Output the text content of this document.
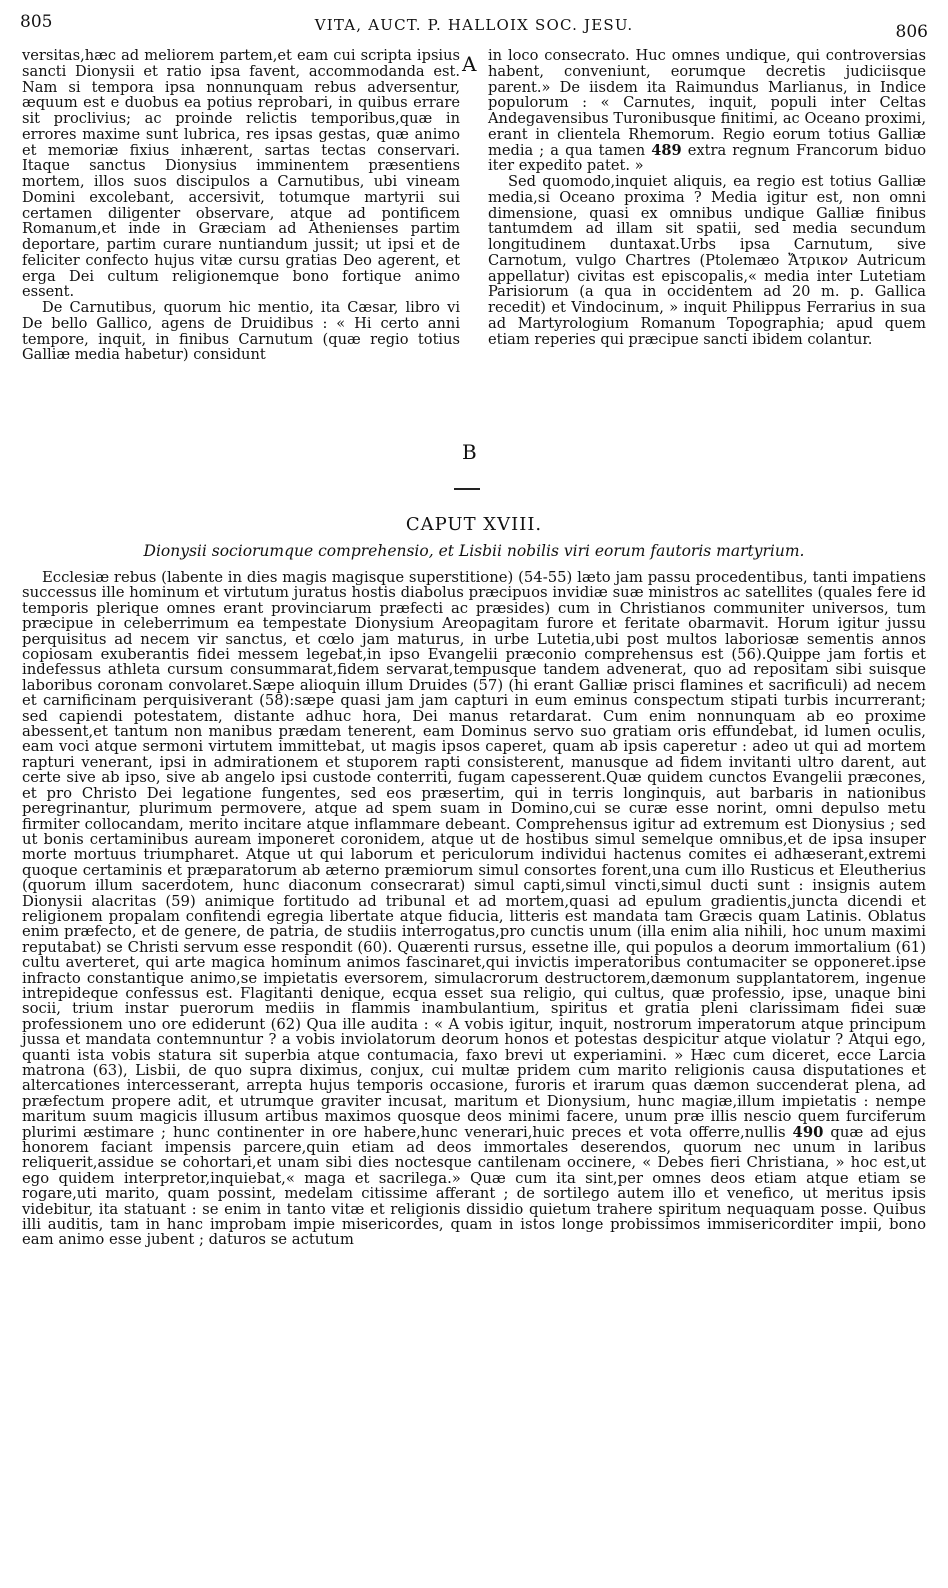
805	VITA, AUCT. P. HALLOIX SOC. JESU.	806

versitas,hæc ad meliorem partem,et eam cui scripta ipsius sancti Dionysii et ratio ipsa favent, accommodanda est. Nam si tempora ipsa nonnunquam rebus adversentur, æquum est e duobus ea potius reprobari, in quibus errare sit proclivius; ac proinde relictis temporibus,quæ in errores maxime sunt lubrica, res ipsas gestas, quæ animo et memoriæ fixius inhærent, sartas tectas conservari. Itaque sanctus Dionysius imminentem præsentiens mortem, illos suos discipulos a Carnutibus, ubi vineam Domini excolebant, accersivit, totumque martyrii sui certamen diligenter observare, atque ad pontificem Romanum,et inde in Græciam ad Athenienses partim deportare, partim curare nuntiandum jussit; ut ipsi et de feliciter confecto hujus vitæ cursu gratias Deo agerent, et erga Dei cultum religionemque bono fortique animo essent.

De Carnutibus, quorum hic mentio, ita Cæsar, libro vi De bello Gallico, agens de Druidibus : « Hi certo anni tempore, inquit, in finibus Carnutum (quæ regio totius Galliæ media habetur) considunt

A
B

in loco consecrato. Huc omnes undique, qui controversias habent, conveniunt, eorumque decretis judiciisque parent.» De iisdem ita Raimundus Marlianus, in Indice populorum : « Carnutes, inquit, populi inter Celtas Andegavensibus Turonibusque finitimi, ac Oceano proximi, erant in clientela Rhemorum. Regio eorum totius Galliæ media ; a qua tamen 489 extra regnum Francorum biduo iter expedito patet. »

Sed quomodo,inquiet aliquis, ea regio est totius Galliæ media,si Oceano proxima ? Media igitur est, non omni dimensione, quasi ex omnibus undique Galliæ finibus tantumdem ad illam sit spatii, sed media secundum longitudinem duntaxat.Urbs ipsa Carnutum, sive Carnotum, vulgo Chartres (Ptolemæo Ἄτρικον Autricum appellatur) civitas est episcopalis,« media inter Lutetiam Parisiorum (a qua in occidentem ad 20 m. p. Gallica recedit) et Vindocinum, » inquit Philippus Ferrarius in sua ad Martyrologium Romanum Topographia; apud quem etiam reperies qui præcipue sancti ibidem colantur.

CAPUT XVIII.
Dionysii sociorumque comprehensio, et Lisbii nobilis viri eorum fautoris martyrium.

Ecclesiæ rebus (labente in dies magis magisque superstitione) (54-55) læto jam passu procedentibus, tanti impatiens successus ille hominum et virtutum juratus hostis diabolus præcipuos invidiæ suæ ministros ac satellites (quales fere id temporis plerique omnes erant provinciarum præfecti ac præsides) cum in Christianos communiter universos, tum præcipue in celeberrimum ea tempestate Dionysium Areopagitam furore et feritate obarmavit. Horum igitur jussu perquisitus ad necem vir sanctus, et cœlo jam maturus, in urbe Lutetia,ubi post multos laboriosæ sementis annos copiosam exuberantis fidei messem legebat,in ipso Evangelii præconio comprehensus est (56).Quippe jam fortis et indefessus athleta cursum consummarat,fidem servarat,tempusque tandem advenerat, quo ad repositam sibi suisque laboribus coronam convolaret.Sæpe alioquin illum Druides (57) (hi erant Galliæ prisci flamines et sacrificuli) ad necem et carnificinam perquisiverant (58):sæpe quasi jam jam capturi in eum eminus conspectum stipati turbis incurrerant; sed capiendi potestatem, distante adhuc hora, Dei manus retardarat. Cum enim nonnunquam ab eo proxime abessent,et tantum non manibus prædam tenerent, eam Dominus servo suo gratiam oris effundebat, id lumen oculis, eam voci atque sermoni virtutem immittebat, ut magis ipsos caperet, quam ab ipsis caperetur : adeo ut qui ad mortem rapturi venerant, ipsi in admirationem et stuporem rapti consisterent, manusque ad fidem invitanti ultro darent, aut certe sive ab ipso, sive ab angelo ipsi custode conterriti, fugam capesserent.Quæ quidem cunctos Evangelii præcones, et pro Christo Dei legatione fungentes, sed eos præsertim, qui in terris longinquis, aut barbaris in nationibus peregrinantur, plurimum permovere, atque ad spem suam in Domino,cui se curæ esse norint, omni depulso metu firmiter collocandam, merito incitare atque inflammare debeant. Comprehensus igitur ad extremum est Dionysius ; sed ut bonis certaminibus auream imponeret coronidem, atque ut de hostibus simul semelque omnibus,et de ipsa insuper morte mortuus triumpharet. Atque ut qui laborum et periculorum individui hactenus comites ei adhæserant,extremi quoque certaminis et præparatorum ab æterno præmiorum simul consortes forent,una cum illo Rusticus et Eleutherius (quorum illum sacerdotem, hunc diaconum consecrarat) simul capti,simul vincti,simul ducti sunt : insignis autem Dionysii alacritas (59) animique fortitudo ad tribunal et ad mortem,quasi ad epulum gradientis,juncta dicendi et religionem propalam confitendi egregia libertate atque fiducia, litteris est mandata tam Græcis quam Latinis. Oblatus enim præfecto, et de genere, de patria, de studiis interrogatus,pro cunctis unum (illa enim alia nihili, hoc unum maximi reputabat) se Christi servum esse respondit (60). Quærenti rursus, essetne ille, qui populos a deorum immortalium (61) cultu averteret, qui arte magica hominum animos fascinaret,qui invictis imperatoribus contumaciter se opponeret.ipse infracto constantique animo,se impietatis eversorem, simulacrorum destructorem,dæmonum supplantatorem, ingenue intrepideque confessus est. Flagitanti denique, ecqua esset sua religio, qui cultus, quæ professio, ipse, unaque bini socii, trium instar puerorum mediis in flammis inambulantium, spiritus et gratia pleni clarissimam fidei suæ professionem uno ore ediderunt (62) Qua ille audita : « A vobis igitur, inquit, nostrorum imperatorum atque principum jussa et mandata contemnuntur ? a vobis inviolatorum deorum honos et potestas despicitur atque violatur ? Atqui ego, quanti ista vobis statura sit superbia atque contumacia, faxo brevi ut experiamini. » Hæc cum diceret, ecce Larcia matrona (63), Lisbii, de quo supra diximus, conjux, cui multæ pridem cum marito religionis causa disputationes et altercationes intercesserant, arrepta hujus temporis occasione, furoris et irarum quas dæmon succenderat plena, ad præfectum propere adit, et utrumque graviter incusat, maritum et Dionysium, hunc magiæ,illum impietatis : nempe maritum suum magicis illusum artibus maximos quosque deos minimi facere, unum præ illis nescio quem furciferum plurimi æstimare ; hunc continenter in ore habere,hunc venerari,huic preces et vota offerre,nullis 490 quæ ad ejus honorem faciant impensis parcere,quin etiam ad deos immortales deserendos, quorum nec unum in laribus reliquerit,assidue se cohortari,et unam sibi dies noctesque cantilenam occinere, « Debes fieri Christiana, » hoc est,ut ego quidem interpretor,inquiebat,« maga et sacrilega.» Quæ cum ita sint,per omnes deos etiam atque etiam se rogare,uti marito, quam possint, medelam citissime afferant ; de sortilego autem illo et venefico, ut meritus ipsis videbitur, ita statuant : se enim in tanto vitæ et religionis dissidio quietum trahere spiritum nequaquam posse. Quibus illi auditis, tam in hanc improbam impie misericordes, quam in istos longe probissimos immisericorditer impii, bono eam animo esse jubent ; daturos se actutum
